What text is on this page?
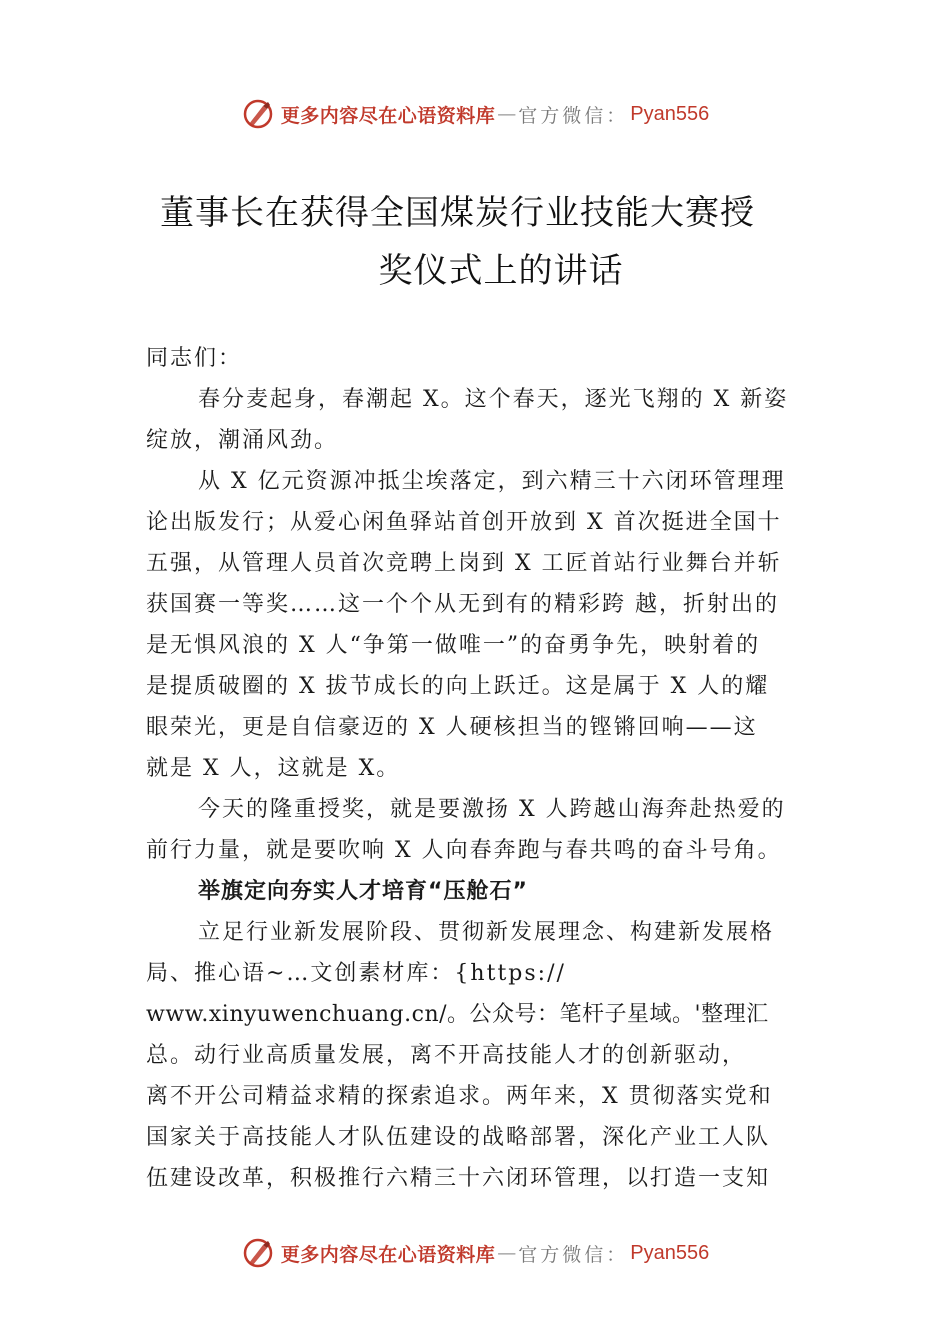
更多内容尽在心语资料库 — 官方微信： Pyan556
董事长在获得全国煤炭行业技能大赛授
奖仪式上的讲话
同志们：
春分麦起身，春潮起 X。这个春天，逐光飞翔的 X 新姿
绽放，潮涌风劲。
从 X 亿元资源冲抵尘埃落定，到六精三十六闭环管理理
论出版发行；从爱心闲鱼驿站首创开放到 X 首次挺进全国十
五强，从管理人员首次竞聘上岗到 X 工匠首站行业舞台并斩
获国赛一等奖……这一个个从无到有的精彩跨 越，折射出的
是无惧风浪的 X 人“争第一做唯一”的奋勇争先，映射着的
是提质破圈的 X 拔节成长的向上跃迁。这是属于 X 人的耀
眼荣光，更是自信豪迈的 X 人硬核担当的铿锵回响——这
就是 X 人，这就是 X。
今天的隆重授奖，就是要激扬 X 人跨越山海奔赴热爱的
前行力量，就是要吹响 X 人向春奔跑与春共鸣的奋斗号角。
举旗定向夯实人才培育“压舱石”
立足行业新发展阶段、贯彻新发展理念、构建新发展格
局、推心语~…文创素材库：{https://
www.xinyuwenchuang.cn/。公众号：笔杆子星域。'整理汇
总。动行业高质量发展，离不开高技能人才的创新驱动，
离不开公司精益求精的探索追求。两年来，X 贯彻落实党和
国家关于高技能人才队伍建设的战略部署，深化产业工人队
伍建设改革，积极推行六精三十六闭环管理，以打造一支知
更多内容尽在心语资料库 — 官方微信： Pyan556
